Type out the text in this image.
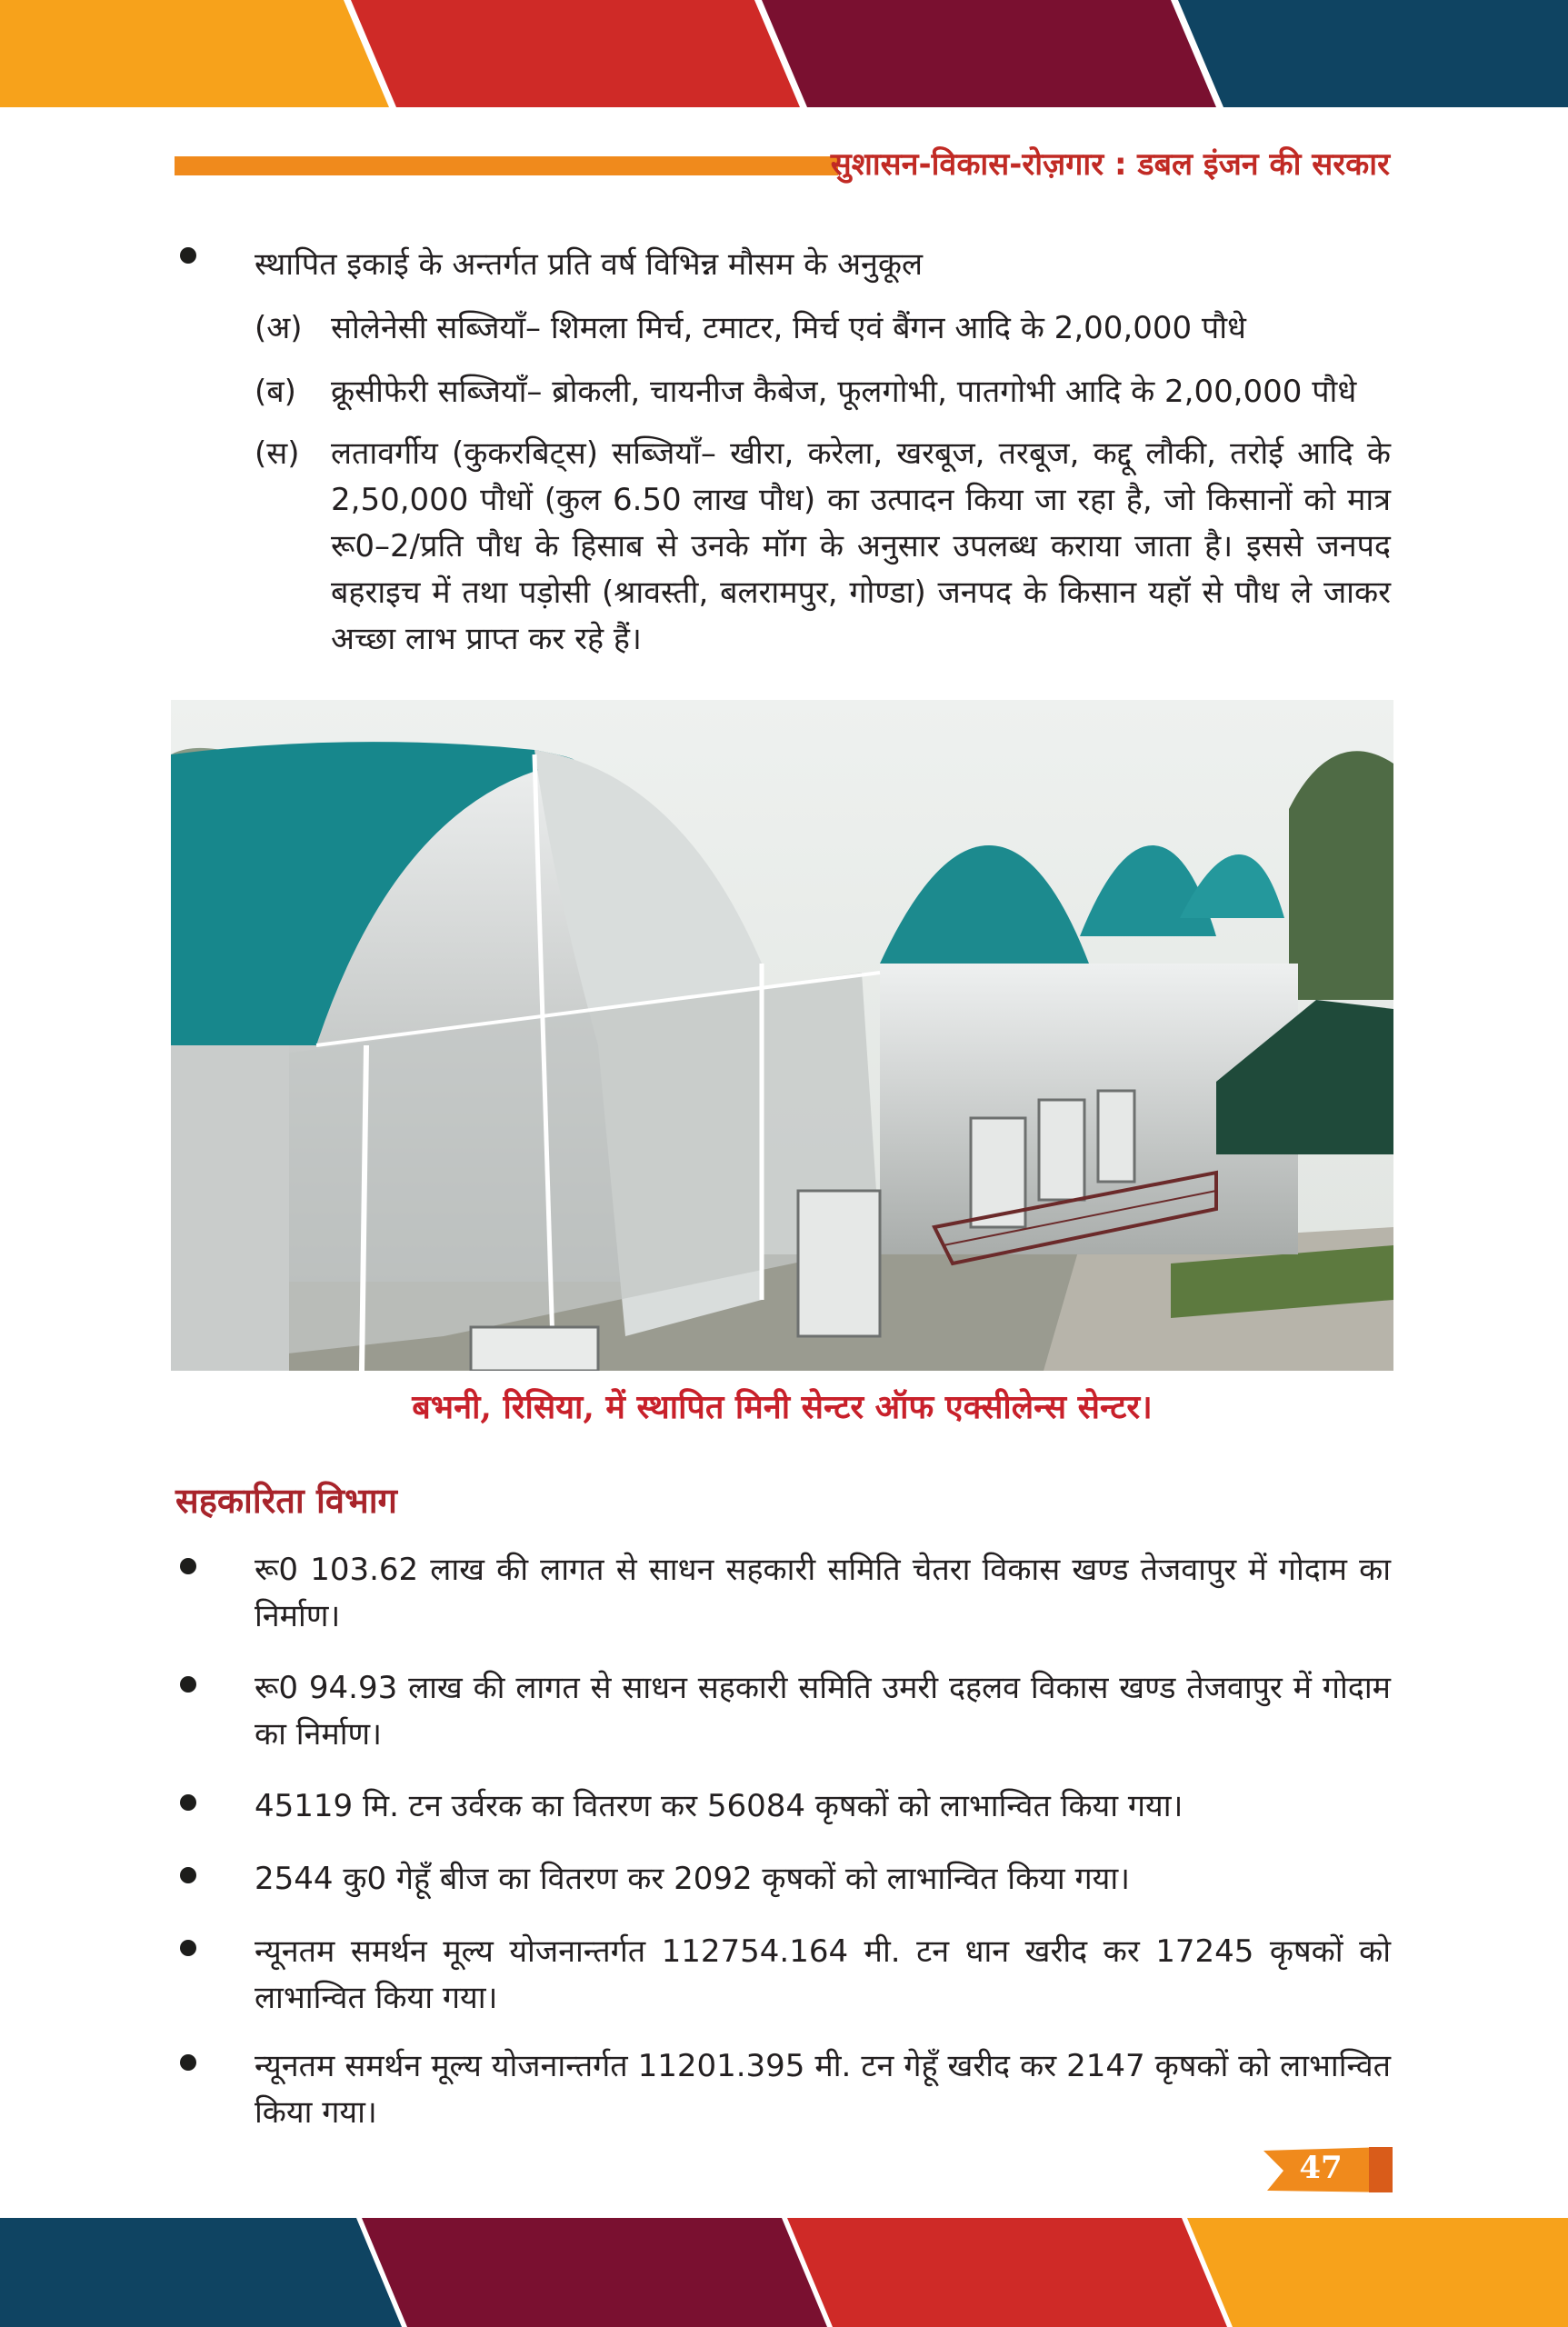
सुशासन-विकास-रोज़गार : डबल इंजन की सरकार
स्थापित इकाई के अन्तर्गत प्रति वर्ष विभिन्न मौसम के अनुकूल
(अ) सोलेनेसी सब्जियाँ– शिमला मिर्च, टमाटर, मिर्च एवं बैंगन आदि के 2,00,000 पौधे
(ब) क्रूसीफेरी सब्जियाँ– ब्रोकली, चायनीज कैबेज, फूलगोभी, पातगोभी आदि के 2,00,000 पौधे
(स) लतावर्गीय (कुकरबिट्स) सब्जियाँ– खीरा, करेला, खरबूज, तरबूज, कद्दू लौकी, तरोई आदि के 2,50,000 पौधों (कुल 6.50 लाख पौध) का उत्पादन किया जा रहा है, जो किसानों को मात्र रू0–2/प्रति पौध के हिसाब से उनके मॉग के अनुसार उपलब्ध कराया जाता है। इससे जनपद बहराइच में तथा पड़ोसी (श्रावस्ती, बलरामपुर, गोण्डा) जनपद के किसान यहॉ से पौध ले जाकर अच्छा लाभ प्राप्त कर रहे हैं।
बभनी, रिसिया, में स्थापित मिनी सेन्टर ऑफ एक्सीलेन्स सेन्टर।
सहकारिता विभाग
रू0 103.62 लाख की लागत से साधन सहकारी समिति चेतरा विकास खण्ड तेजवापुर में गोदाम का निर्माण।
रू0 94.93 लाख की लागत से साधन सहकारी समिति उमरी दहलव विकास खण्ड तेजवापुर में गोदाम का निर्माण।
45119 मि. टन उर्वरक का वितरण कर 56084 कृषकों को लाभान्वित किया गया।
2544 कु0 गेहूँ बीज का वितरण कर 2092 कृषकों को लाभान्वित किया गया।
न्यूनतम समर्थन मूल्य योजनान्तर्गत 112754.164 मी. टन धान खरीद कर 17245 कृषकों को लाभान्वित किया गया।
न्यूनतम समर्थन मूल्य योजनान्तर्गत 11201.395 मी. टन गेहूँ खरीद कर 2147 कृषकों को लाभान्वित किया गया।
47
